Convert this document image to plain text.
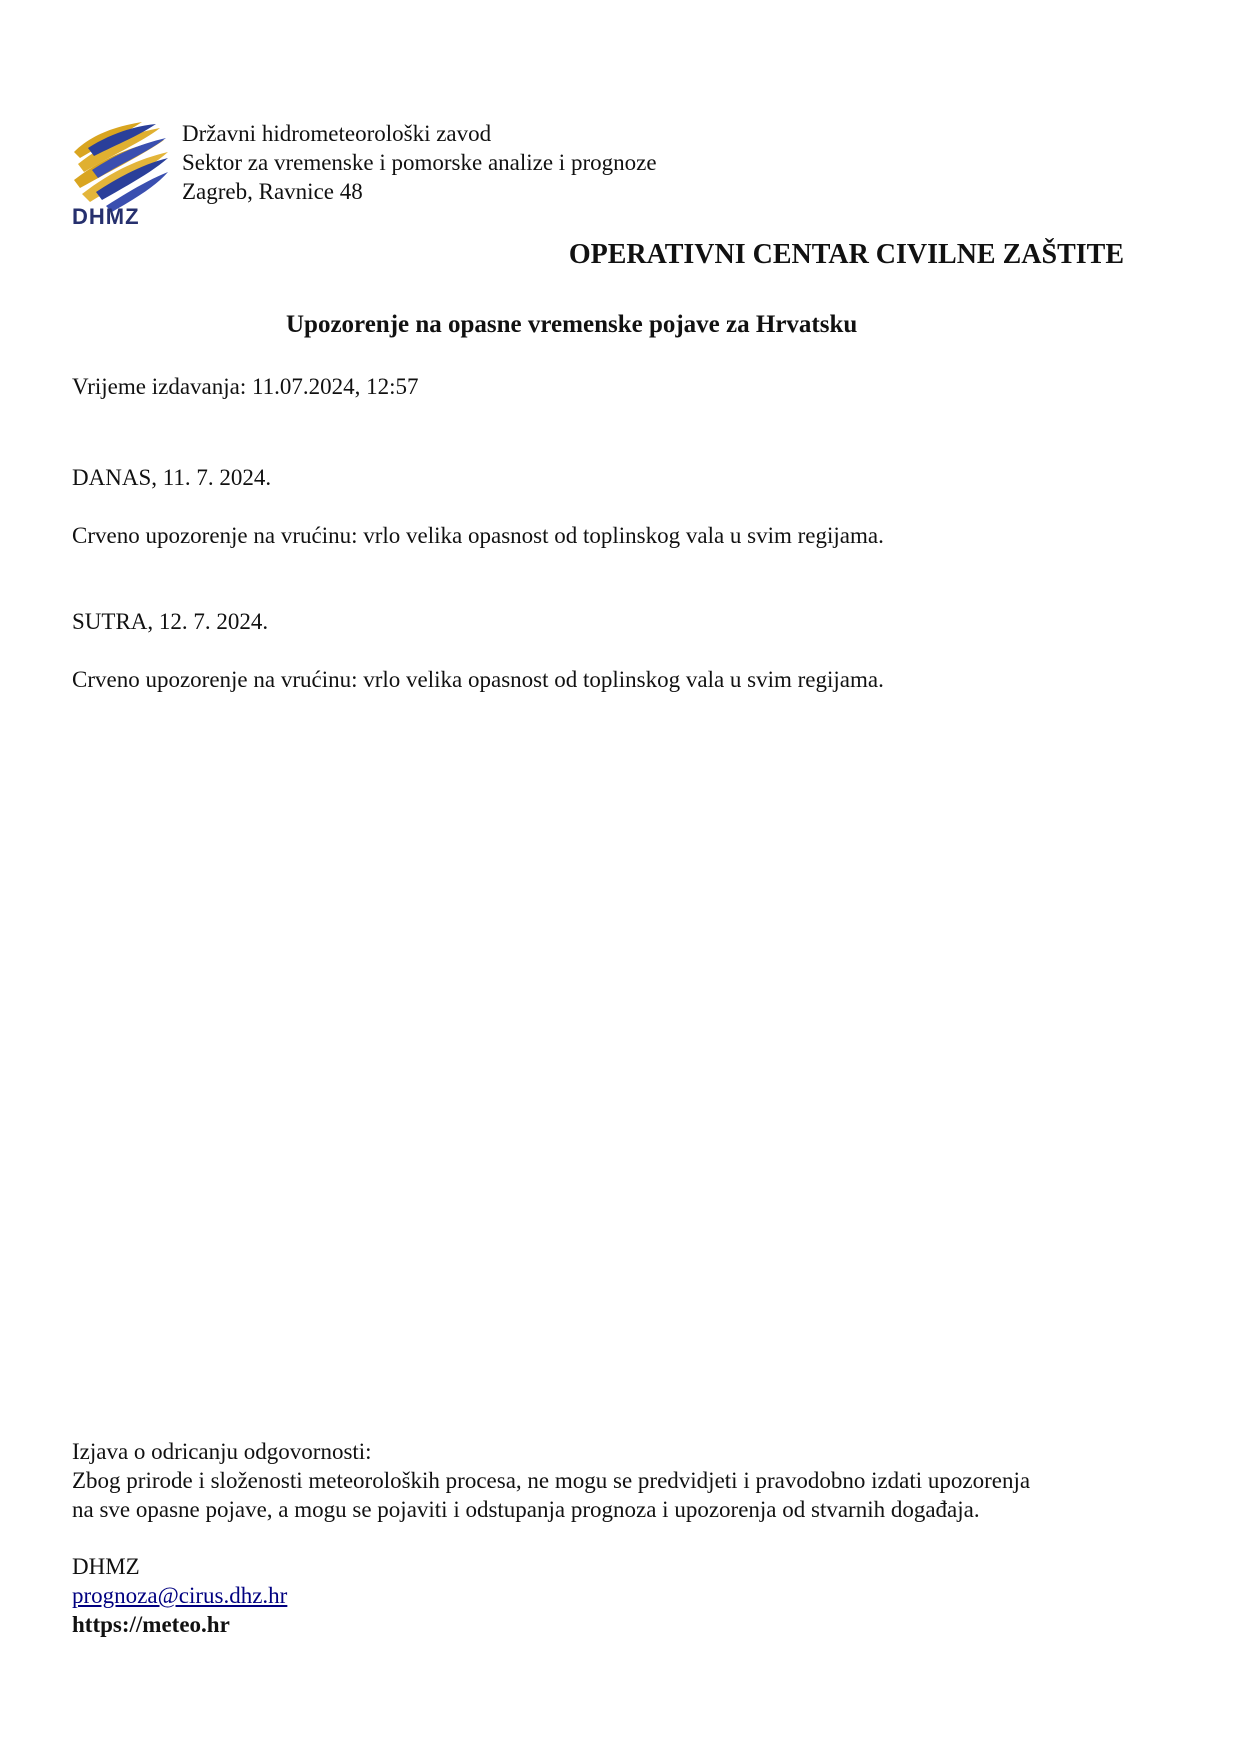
DHMZ
Državni hidrometeorološki zavod
Sektor za vremenske i pomorske analize i prognoze
Zagreb, Ravnice 48
OPERATIVNI CENTAR CIVILNE ZAŠTITE
Upozorenje na opasne vremenske pojave za Hrvatsku
Vrijeme izdavanja: 11.07.2024, 12:57
DANAS, 11. 7. 2024.
Crveno upozorenje na vrućinu: vrlo velika opasnost od toplinskog vala u svim regijama.
SUTRA, 12. 7. 2024.
Crveno upozorenje na vrućinu: vrlo velika opasnost od toplinskog vala u svim regijama.
Izjava o odricanju odgovornosti:
Zbog prirode i složenosti meteoroloških procesa, ne mogu se predvidjeti i pravodobno izdati upozorenja
na sve opasne pojave, a mogu se pojaviti i odstupanja prognoza i upozorenja od stvarnih događaja.
DHMZ
prognoza@cirus.dhz.hr
https://meteo.hr
